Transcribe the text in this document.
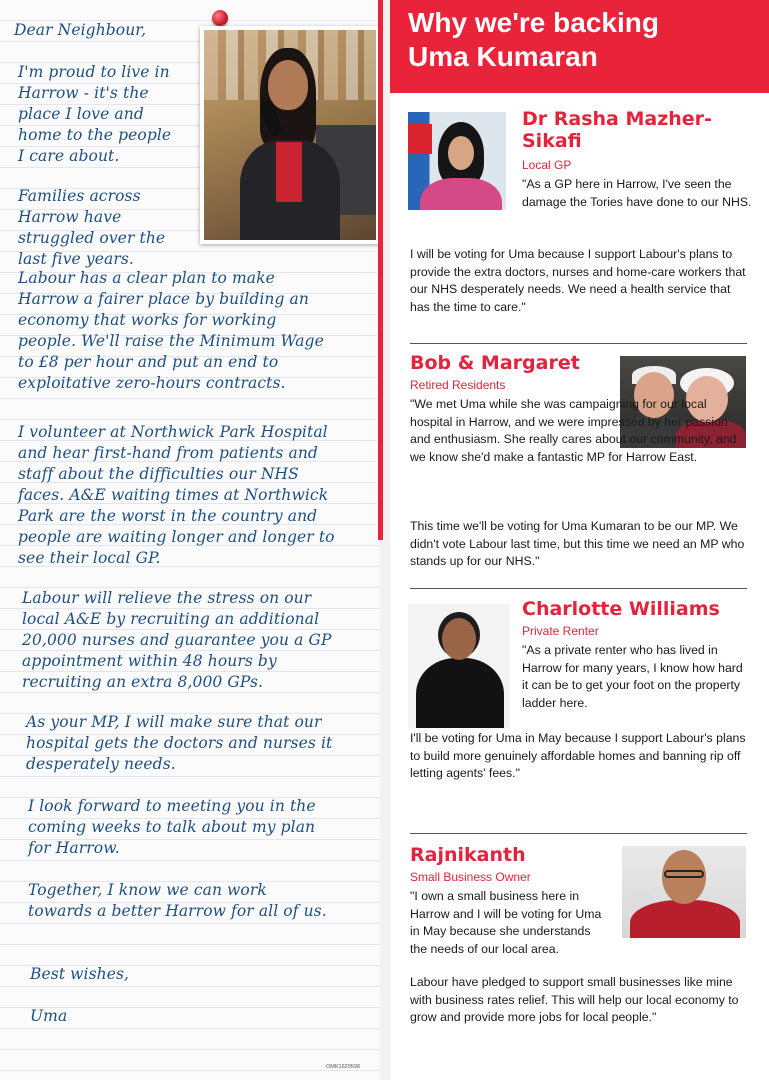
Dear Neighbour,

I'm proud to live in
Harrow - it's the
place I love and
home to the people
I care about.

Families across
Harrow have
struggled over the
last five years.

Labour has a clear plan to make
Harrow a fairer place by building an
economy that works for working
people. We'll raise the Minimum Wage
to £8 per hour and put an end to
exploitative zero-hours contracts.

I volunteer at Northwick Park Hospital
and hear first-hand from patients and
staff about the difficulties our NHS
faces. A&E waiting times at Northwick
Park are the worst in the country and
people are waiting longer and longer to
see their local GP.

Labour will relieve the stress on our
local A&E by recruiting an additional
20,000 nurses and guarantee you a GP
appointment within 48 hours by
recruiting an extra 8,000 GPs.

As your MP, I will make sure that our
hospital gets the doctors and nurses it
desperately needs.

I look forward to meeting you in the
coming weeks to talk about my plan
for Harrow.

Together, I know we can work
towards a better Harrow for all of us.

Best wishes,

Uma

OMK1629598
Why we're backing
Uma Kumaran

Dr Rasha Mazher-
Sikafi

Local GP

"As a GP here in Harrow, I've seen the damage the Tories have done to our NHS.

I will be voting for Uma because I support Labour's plans to provide the extra doctors, nurses and home-care workers that our NHS desperately needs. We need a health service that has the time to care."

Bob & Margaret

Retired Residents

"We met Uma while she was campaigning for our local hospital in Harrow, and we were impressed by her passion and enthusiasm. She really cares about our community, and we know she'd make a fantastic MP for Harrow East.

This time we'll be voting for Uma Kumaran to be our MP. We didn't vote Labour last time, but this time we need an MP who stands up for our NHS."

Charlotte Williams

Private Renter

"As a private renter who has lived in Harrow for many years, I know how hard it can be to get your foot on the property ladder here.

I'll be voting for Uma in May because I support Labour's plans to build more genuinely affordable homes and banning rip off letting agents' fees."

Rajnikanth

Small Business Owner

"I own a small business here in Harrow and I will be voting for Uma in May because she understands the needs of our local area.

Labour have pledged to support small businesses like mine with business rates relief. This will help our local economy to grow and provide more jobs for local people."
